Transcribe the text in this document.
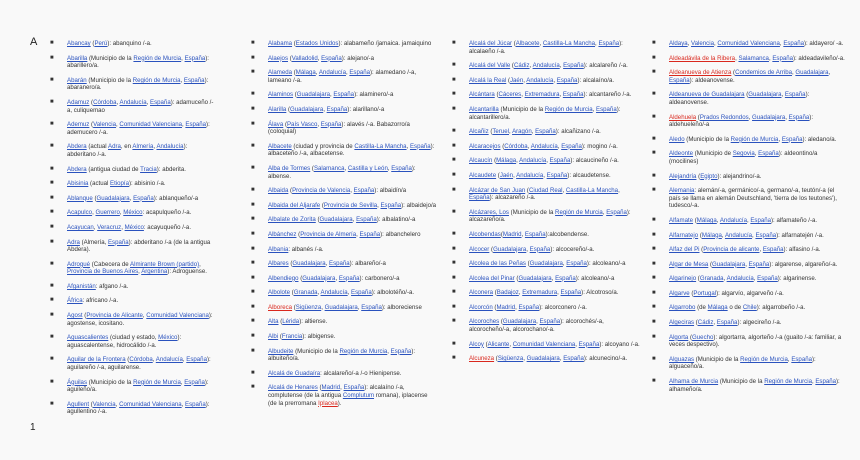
A ■ Abancay (Perú): abanquino /-a.
■ Abarilla (Municipio de la Región de Murcia, España): abarillero/a.
■ Abarán (Municipio de la Región de Murcia, España): abaranero/a.
■ Adamuz (Córdoba, Andalucía, España): adamuceño /-a, culiquemao
■ Ademuz (Valencia, Comunidad Valenciana, España): ademucero /-a.
■ Abdera (actual Adra, en Almería, Andalucía): abderitano /-a.
■ Abdera (antigua ciudad de Tracia): abderita.
■ Abisinia (actual Etiopía): abisinio /-a.
■ Ablanque (Guadalajara, España): ablanqueño/-a
■ Acapulco, Guerrero, México: acapulqueño /-a.
■ Acayucan, Veracruz, México: acayuqueño /-a.
■ Adra (Almería, España): abderitano /-a (de la antigua Abdera).
■ Adrogué (Cabecera de Almirante Brown (partido), Provincia de Buenos Aires, Argentina): Adroguense.
■ Afganistán: afgano /-a.
■ África: africano /-a.
■ Agost (Provincia de Alicante, Comunidad Valenciana): agostense, icositano.
■ Aguascalientes (ciudad y estado, México): aguascalentense, hidrocálido /-a.
■ Aguilar de la Frontera (Córdoba, Andalucía, España): aguilareño /-a, aguilarense.
■ Águilas (Municipio de la Región de Murcia, España): aguileño/a.
■ Agullent (Valencia, Comunidad Valenciana, España): agullentino /-a.
■ Alabama (Estados Unidos): alabameño /jamaica. jamaiquino
■ Alaejos (Valladolid, España): alejano/-a
■ Alameda (Málaga, Andalucía, España): alamedano /-a, lameano /-a.
■ Alaminos (Guadalajara, España): alaminero/-a
■ Alarilla (Guadalajara, España): alarillano/-a
■ Álava (País Vasco, España): alavés /-a. Babazorro/a (coloquial)
■ Albacete (ciudad y provincia de Castilla-La Mancha, España): albaceteño /-a, albacetense.
■ Alba de Tormes (Salamanca, Castilla y León, España): albense.
■ Albaida (Provincia de Valencia, España): albaidín/a
■ Albaida del Aljarafe (Provincia de Sevilla, España): albaidejo/a
■ Albalate de Zorita (Guadalajara, España): albalatino/-a
■ Albánchez (Provincia de Almería, España): albanchelero
■ Albania: albanés /-a.
■ Albares (Guadalajara, España): albareño/-a
■ Albendiego (Guadalajara, España): carbonero/-a
■ Albolote (Granada, Andalucía, España): albolotéño/-a.
■ Alboreca (Sigüenza, Guadalajara, España): alboreciense
■ Alta (Lérida): altiense.
■ Albi (Francia): albigense.
■ Albudeite (Municipio de la Región de Murcia, España): albuiteño/a.
■ Alcalá de Guadaíra: alcalareño/-a /-o Hienipense.
■ Alcalá de Henares (Madrid, España): alcalaíno /-a, complutense (de la antigua Complutum romana), iplacense (de la prerromana Iplacea).
■ Alcalá del Júcar (Albacete, Castilla-La Mancha, España): alcalaeño /-a.
■ Alcalá del Valle (Cádiz, Andalucía, España): alcalareño /-a.
■ Alcalá la Real (Jaén, Andalucía, España): alcalaíno/a.
■ Alcántara (Cáceres, Extremadura, España): alcantareño /-a.
■ Alcantarilla (Municipio de la Región de Murcia, España): alcantarillero/a.
■ Alcañiz (Teruel, Aragón, España): alcañizano /-a.
■ Alcaracejos (Córdoba, Andalucía, España): mogino /-a.
■ Alcaucín (Málaga, Andalucía, España): alcaucineño /-a.
■ Alcaudete (Jaén, Andalucía, España): alcaudetense.
■ Alcázar de San Juan (Ciudad Real, Castilla-La Mancha, España): alcazareño /-a.
■ Alcázares, Los (Municipio de la Región de Murcia, España): alcazareño/a.
■ Alcobendas(Madrid, España):alcobendense.
■ Alcocer (Guadalajara, España): alcocereño/-a.
■ Alcolea de las Peñas (Guadalajara, España): alcoleano/-a
■ Alcolea del Pinar (Guadalajara, España): alcoleano/-a
■ Alconera (Badajoz, Extremadura, España): Alcotroso/a.
■ Alcorcón (Madrid, España): alcorconero /-a.
■ Alcoroches (Guadalajara, España): alcorochés/-a, alcorocheño/-a, alcorochano/-a.
■ Alcoy (Alicante, Comunidad Valenciana, España): alcoyano /-a.
■ Alcuneza (Sigüenza, Guadalajara, España): alcunecino/-a.
■ Aldaya, Valencia, Comunidad Valenciana, España): aldayero/ -a.
■ Aldeadávila de la Ribera, Salamanca, España): aldeadavileño/-a.
■ Aldeanueva de Atienza (Condemios de Arriba, Guadalajara, España): aldeanovense.
■ Aldeanueva de Guadalajara (Guadalajara, España): aldeanovense.
■ Aldehuela (Prados Redondos, Guadalajara, España): aldehueleño/-a
■ Aledo (Municipio de la Región de Murcia, España): aledano/a.
■ Aldeonte (Municipio de Segovia, España): aldeontino/a (mocilines)
■ Alejandría (Egipto): alejandrino/-a.
■ Alemania: alemán/-a, germánico/-a, germano/-a, teutón/-a (el país se llama en alemán Deutschland, 'tierra de los teutones'), tudesco/-a.
■ Alfamate (Málaga, Andalucía, España): alfamateño /-a.
■ Alfarnatejo (Málaga, Andalucía, España): alfarnatején /-a.
■ Alfaz del Pi (Provincia de alicante, España): alfasino /-a.
■ Algar de Mesa (Guadalajara, España): algarense, algareño/-a.
■ Algarinejo (Granada, Andalucía, España): algarinense.
■ Algarve (Portugal): algarvío, algarveño /-a.
■ Algarrobo (de Málaga o de Chile): algarrobeño /-a.
■ Algeciras (Cádiz, España): algecireño /-a.
■ Algorta (Guecho): algortarra, algorteño /-a (guaito /-a: familiar, a veces despectivo).
■ Alguazas (Municipio de la Región de Murcia, España): alguaceño/a.
■ Alhama de Murcia (Municipio de la Región de Murcia, España): alhameño/a.
1
